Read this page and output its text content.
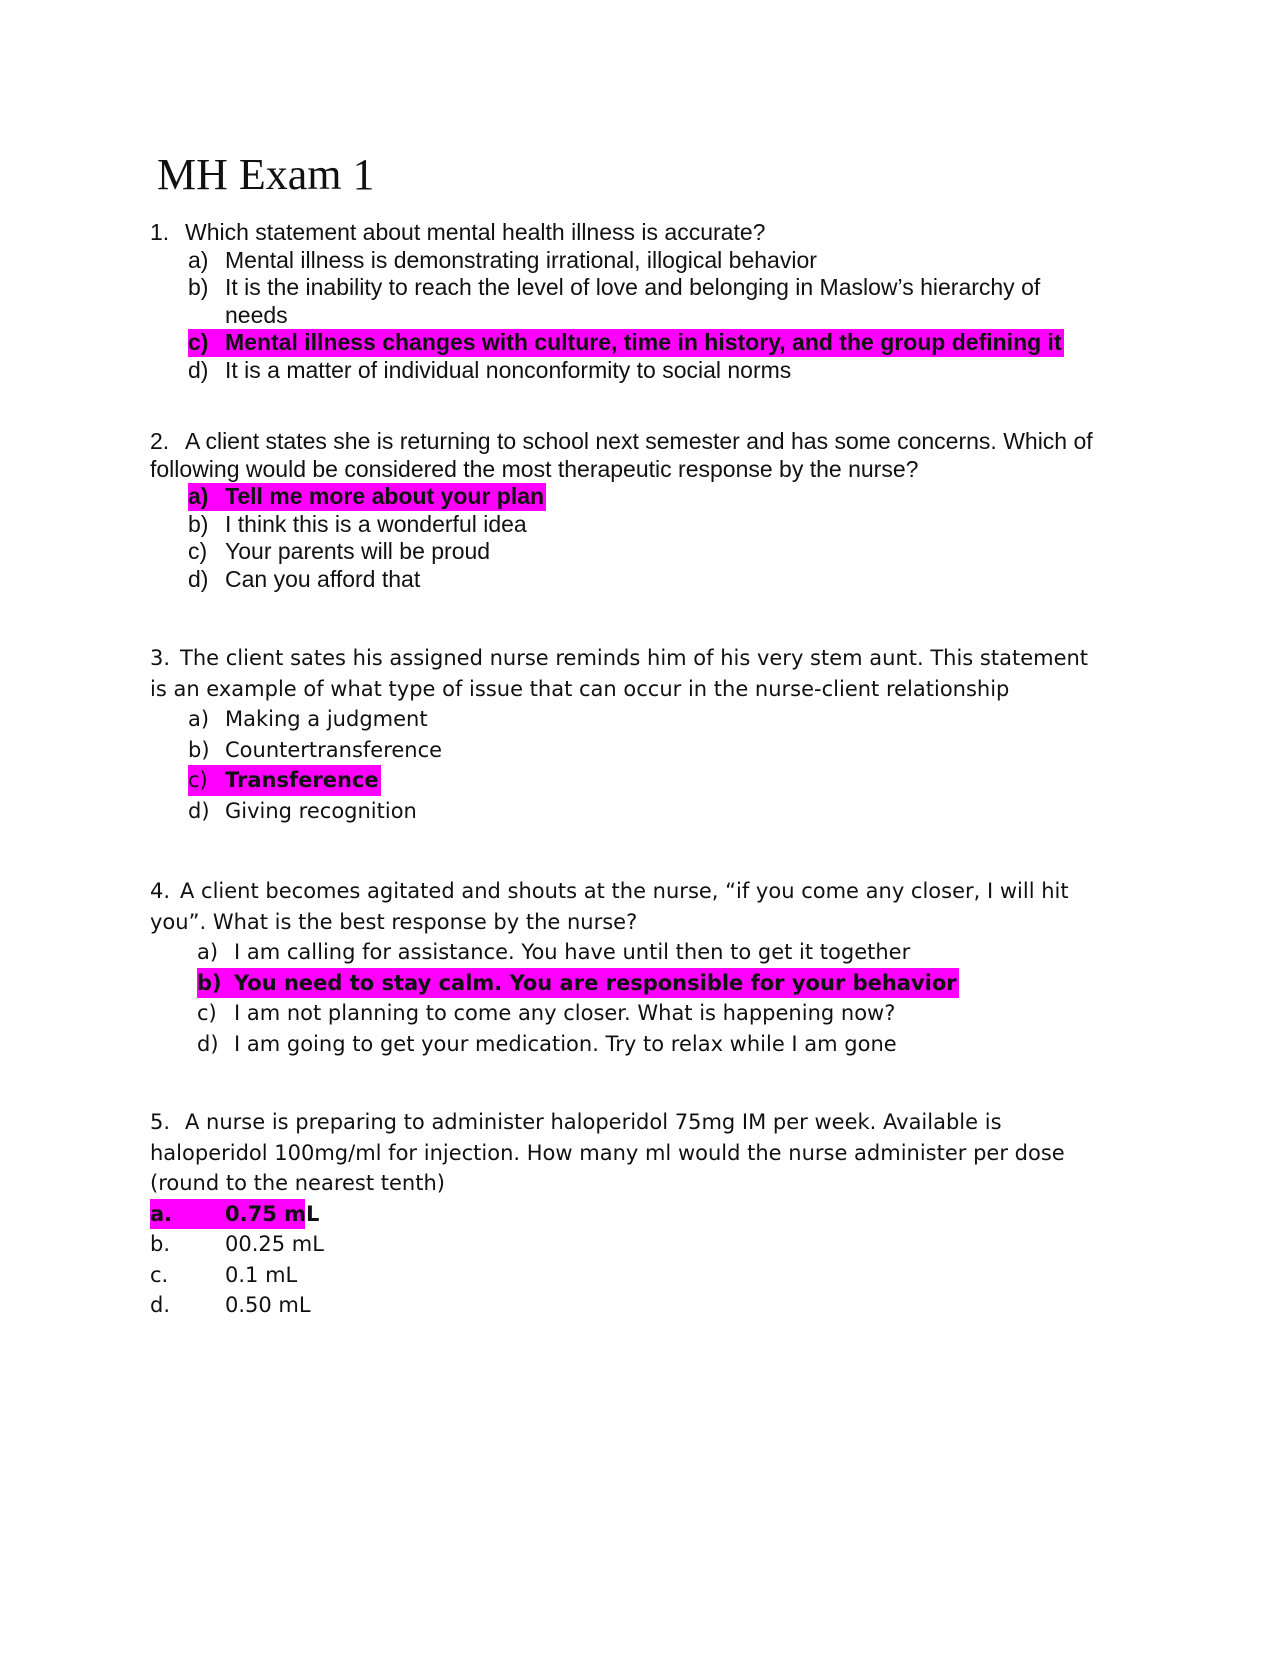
MH Exam 1

1. Which statement about mental health illness is accurate?

a) Mental illness is demonstrating irrational, illogical behavior
b) It is the inability to reach the level of love and belonging in Maslow’s hierarchy of needs
c) Mental illness changes with culture, time in history, and the group defining it
d) It is a matter of individual nonconformity to social norms

2. A client states she is returning to school next semester and has some concerns. Which of following would be considered the most therapeutic response by the nurse?

a) Tell me more about your plan
b) I think this is a wonderful idea
c) Your parents will be proud
d) Can you afford that

3. The client sates his assigned nurse reminds him of his very stem aunt. This statement is an example of what type of issue that can occur in the nurse-client relationship

a) Making a judgment
b) Countertransference
c) Transference
d) Giving recognition

4. A client becomes agitated and shouts at the nurse, “if you come any closer, I will hit you”. What is the best response by the nurse?

a) I am calling for assistance. You have until then to get it together
b) You need to stay calm. You are responsible for your behavior
c) I am not planning to come any closer. What is happening now?
d) I am going to get your medication. Try to relax while I am gone

5. A nurse is preparing to administer haloperidol 75mg IM per week. Available is haloperidol 100mg/ml for injection. How many ml would the nurse administer per dose (round to the nearest tenth)

a.	0.75 mL
b.	00.25 mL
c.	0.1 mL
d.	0.50 mL
